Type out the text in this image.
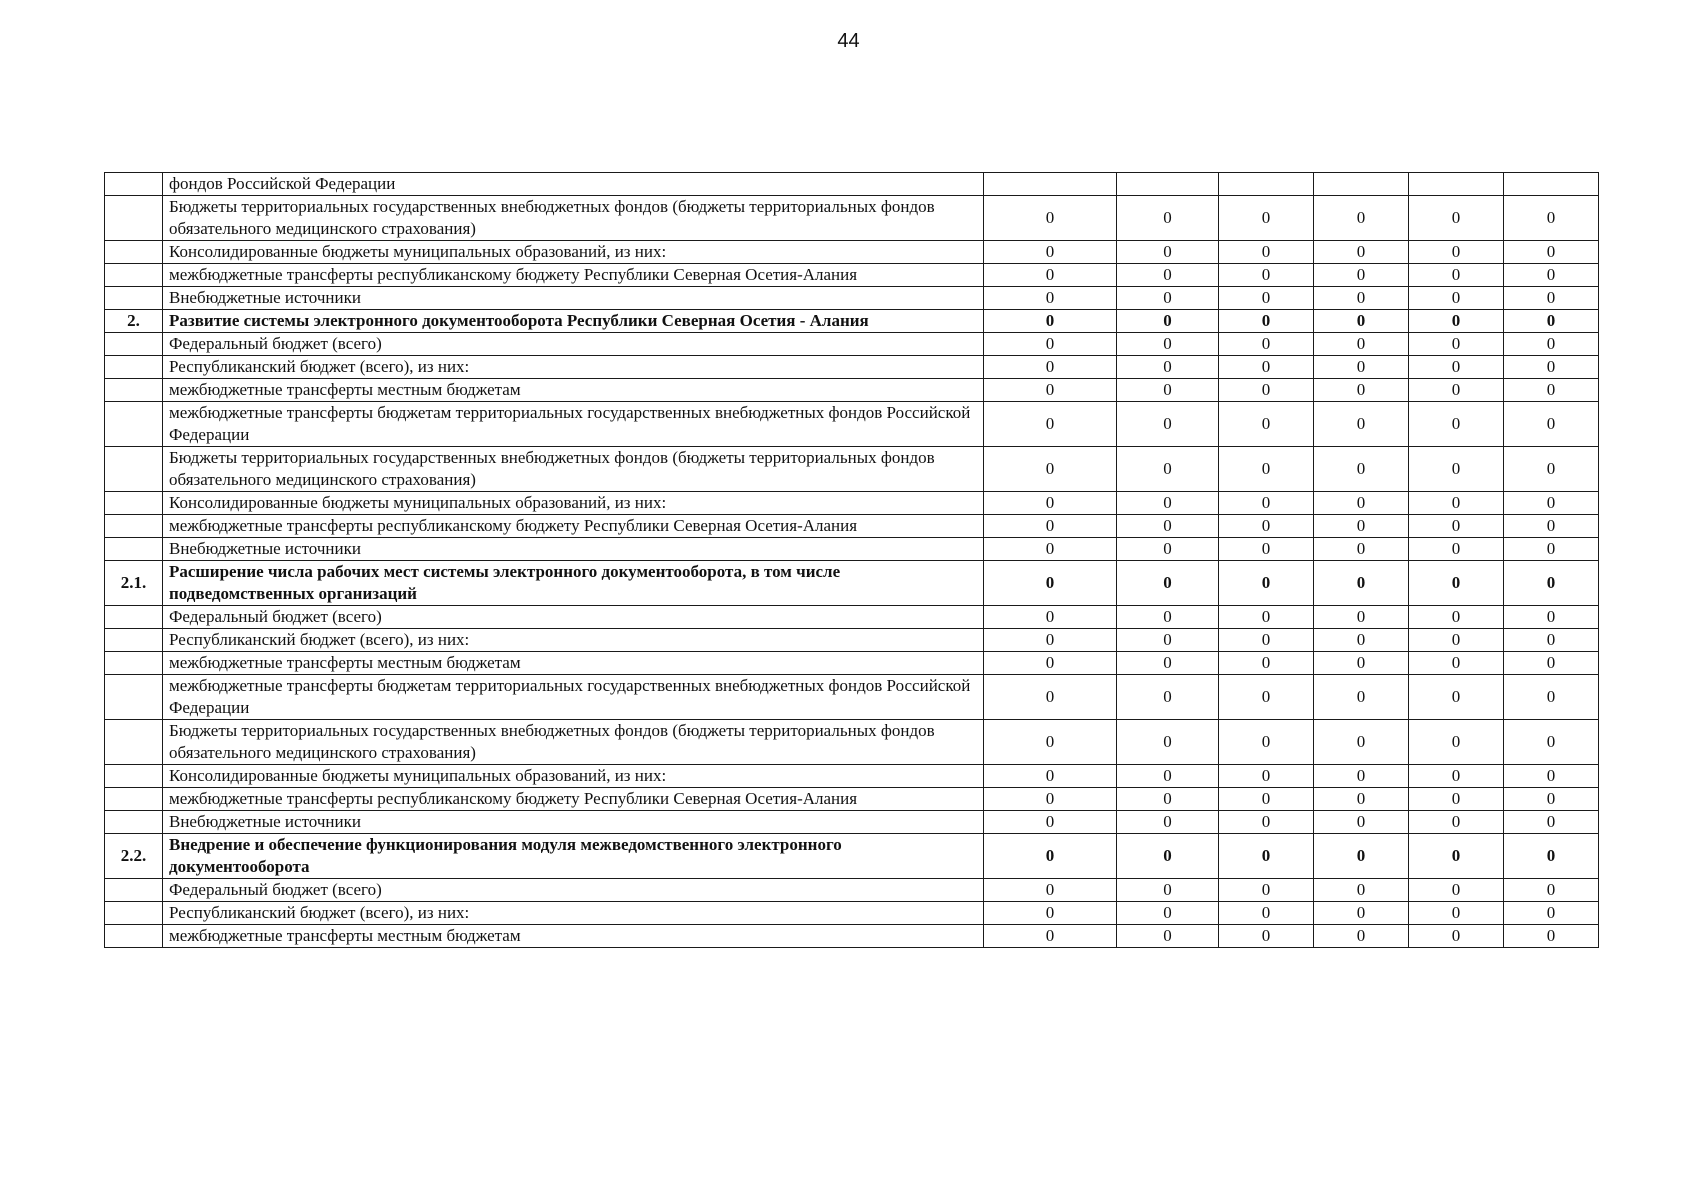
44
	фондов Российской Федерации						
	Бюджеты территориальных государственных внебюджетных фондов (бюджеты территориальных фондов обязательного медицинского страхования)	0	0	0	0	0	0
	Консолидированные бюджеты муниципальных образований, из них:	0	0	0	0	0	0
	межбюджетные трансферты республиканскому бюджету Республики Северная Осетия-Алания	0	0	0	0	0	0
	Внебюджетные источники	0	0	0	0	0	0
2.	Развитие системы электронного документооборота Республики Северная Осетия - Алания	0	0	0	0	0	0
	Федеральный бюджет (всего)	0	0	0	0	0	0
	Республиканский бюджет (всего), из них:	0	0	0	0	0	0
	межбюджетные трансферты местным бюджетам	0	0	0	0	0	0
	межбюджетные трансферты бюджетам территориальных государственных внебюджетных фондов Российской Федерации	0	0	0	0	0	0
	Бюджеты территориальных государственных внебюджетных фондов (бюджеты территориальных фондов обязательного медицинского страхования)	0	0	0	0	0	0
	Консолидированные бюджеты муниципальных образований, из них:	0	0	0	0	0	0
	межбюджетные трансферты республиканскому бюджету Республики Северная Осетия-Алания	0	0	0	0	0	0
	Внебюджетные источники	0	0	0	0	0	0
2.1.	Расширение числа рабочих мест системы электронного документооборота, в том числе подведомственных организаций	0	0	0	0	0	0
	Федеральный бюджет (всего)	0	0	0	0	0	0
	Республиканский бюджет (всего), из них:	0	0	0	0	0	0
	межбюджетные трансферты местным бюджетам	0	0	0	0	0	0
	межбюджетные трансферты бюджетам территориальных государственных внебюджетных фондов Российской Федерации	0	0	0	0	0	0
	Бюджеты территориальных государственных внебюджетных фондов (бюджеты территориальных фондов обязательного медицинского страхования)	0	0	0	0	0	0
	Консолидированные бюджеты муниципальных образований, из них:	0	0	0	0	0	0
	межбюджетные трансферты республиканскому бюджету Республики Северная Осетия-Алания	0	0	0	0	0	0
	Внебюджетные источники	0	0	0	0	0	0
2.2.	Внедрение и обеспечение функционирования модуля межведомственного электронного документооборота	0	0	0	0	0	0
	Федеральный бюджет (всего)	0	0	0	0	0	0
	Республиканский бюджет (всего), из них:	0	0	0	0	0	0
	межбюджетные трансферты местным бюджетам	0	0	0	0	0	0
